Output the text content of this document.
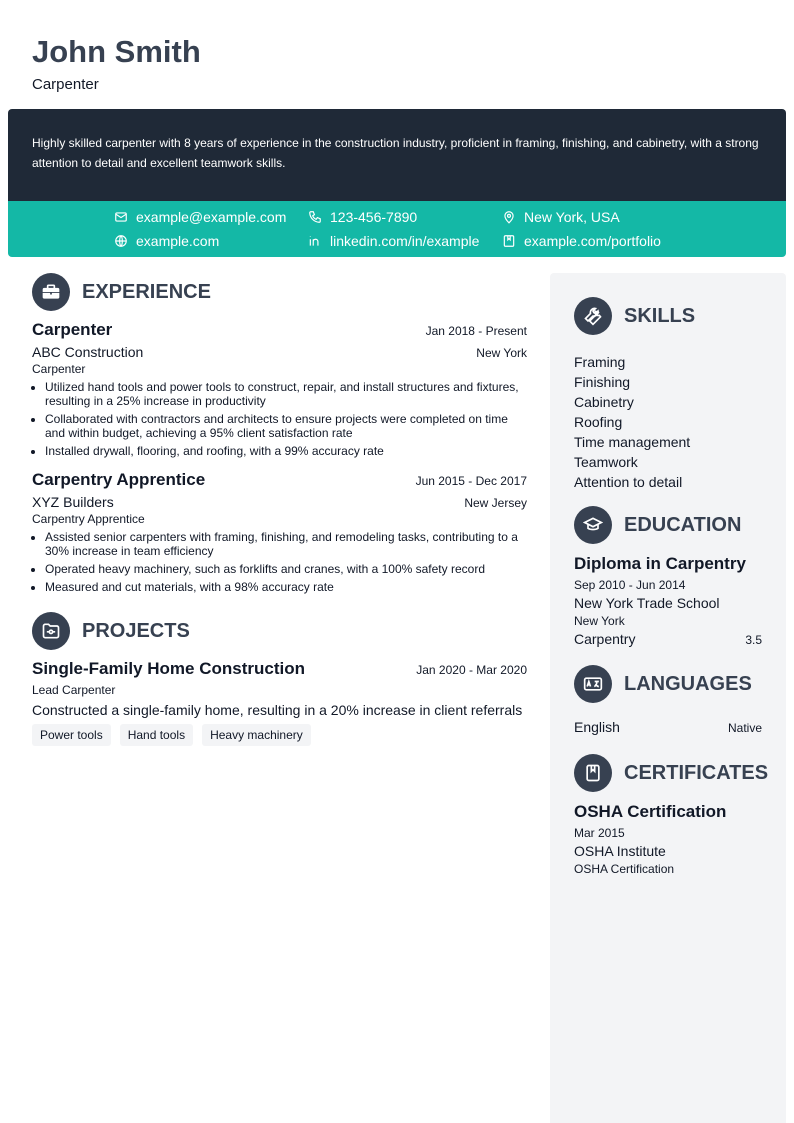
John Smith
Carpenter

Highly skilled carpenter with 8 years of experience in the construction industry, proficient in framing, finishing, and cabinetry, with a strong attention to detail and excellent teamwork skills.

example@example.com	123-456-7890	New York, USA
example.com	linkedin.com/in/example	example.com/portfolio
EXPERIENCE
Carpenter	Jan 2018 - Present
ABC Construction	New York
Carpenter
• Utilized hand tools and power tools to construct, repair, and install structures and fixtures, resulting in a 25% increase in productivity
• Collaborated with contractors and architects to ensure projects were completed on time and within budget, achieving a 95% client satisfaction rate
• Installed drywall, flooring, and roofing, with a 99% accuracy rate
Carpentry Apprentice	Jun 2015 - Dec 2017
XYZ Builders	New Jersey
Carpentry Apprentice
• Assisted senior carpenters with framing, finishing, and remodeling tasks, contributing to a 30% increase in team efficiency
• Operated heavy machinery, such as forklifts and cranes, with a 100% safety record
• Measured and cut materials, with a 98% accuracy rate
PROJECTS
Single-Family Home Construction	Jan 2020 - Mar 2020
Lead Carpenter
Constructed a single-family home, resulting in a 20% increase in client referrals
Power tools	Hand tools	Heavy machinery
SKILLS
Framing
Finishing
Cabinetry
Roofing
Time management
Teamwork
Attention to detail
EDUCATION
Diploma in Carpentry
Sep 2010 - Jun 2014
New York Trade School
New York
Carpentry	3.5
LANGUAGES
English	Native
CERTIFICATES
OSHA Certification
Mar 2015
OSHA Institute
OSHA Certification
